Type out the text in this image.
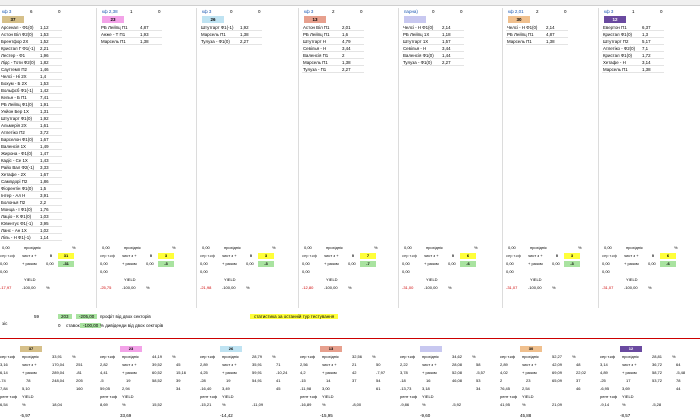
кф 3	6	0
37
Арсенал - Ф1(0)	1,12
Астон Віл Ф2(0)	1,53
Брентфор 2Х	1,52
Кристал Г Ф1(-1)	2,21
Лестер - Ф1	1,96
Лідс - Тоти Ф2(0)	1,82
Саутгемп П2	1,46
Челсі - Ні 2Х	1,4
Бохум - Б 2Х	1,53
Вольфсб Ф1(-1)	1,42
Кельн - Б П1	7,41
РБ Лейпц Ф1(0)	1,91
Унйон Бер 1Х	1,31
Штутгарт Ф1(0)	1,92
Альмерія 2Х	1,61
Атлетіко П2	3,72
Барселон Ф1(0)	1,67
Валенсія 1Х	1,49
Жирона - Ф1(0)	1,47
Кадіс - Се 1Х	1,43
Райо Вал Ф2(-1)	3,33
Хетафе - 2Х	1,67
Сампдорі П2	1,86
Фіорентін Ф1(0)	1,5
Інтер - Ал Н	3,91
Болонья П2	2,2
Монца - І Ф1(0)	1,76
Лаціо - К Ф1(0)	1,03
Ювентус Ф1(-1)	3,95
Ланс - Ан 1Х	1,02
Ліль - Н Ф1(-1)	1,14
0,00	прохідніс	%
сер т.кф чист з +	0	31
0,00	+ разом 0,00	-31
0,00
YIELD
-17,97	-100,00	%
кф 2,38	1	0
23
РБ Лейпц П1	4,87
Анже - Т П1	1,93
Марсель П1	1,38
0,00	прохідніс	%
сер т.кф чист з +	0	3
0,00	+ разом 0,00	-3
0,00
YIELD
-25,75	-100,00	%
кф 3	0	0
26
Штутгарт Ф1(-1)	1,92
Марсель П1	1,38
Тулуза - Ф1(0)	2,27
0,00	прохідніс	%
сер т.кф чист з +	0	3
0,00	+ разом 0,00	-3
0,00
YIELD
-21,98	-100,00	%
кф 3	2	0
13
Астон Віл П1	2,01
РБ Лейпц П1	1,6
Штутгарт Н	4,79
Севілья - Н	3,44
Валенсія П1	2
Марсель П1	1,38
Тулуза - П1	2,27
0,00	прохідніс	%
сер т.кф чист з +	0	7
0,00	+ разом 0,00	-7
0,00
YIELD
-12,80	-100,00	%
парна)	0	0
Челсі - Н Ф1(0)	2,14
РБ Лейпц 1Х	1,18
Штутгарт 1Х	1,57
Севілья - Н	3,44
Валенсія Ф1(0)	1,44
Тулуза - Ф1(0)	2,27
0,00	прохідніс	%
сер т.кф чист з +	0	6
0,00	+ разом 0,00	-6
0,00
YIELD
-31,00	-100,00	%
кф 2,01	2	0
30
Челсі - Н Ф1(0)	2,14
РБ Лейпц П1	4,87
Марсель П1	1,38
0,00	прохідніс	%
сер т.кф чист з +	0	3
0,00	+ разом 0,00	-3
0,00
YIELD
-31,07	-100,00	%
кф 3	1	0
12
Евертон П1	6,37
Кристал Ф1(0)	1,3
Штутгарт П2	5,17
Атлетіко - Ф2(0)	7,1
Кристал Ф1(0)	1,72
Хетафе - Н	3,14
Марсель П1	1,38
0,00	прохідніс	%
сер т.кф чист з +	0	6
0,00	+ разом 0,00	-6
0,00
YIELD
-31,07	-100,00	%
зіс
59	203	-205,00	профіт від двох секторів
0 ставок -100,00 % дивіденди від двох секторів
статистика за останній тур тестування
37
сер т.кф прохідніс	33,91 %
3,16	чист з +	170,04	251
6,14	+ разом	289,04	-81
-74	78	248,04	205
7,84	5,10	160
рент т.кф YIELD
6,54	%	18,04
23
сер т.кф прохідніс	44,19 %
2,82	чист з +	39,52	45
4,41	+ разом	60,52	15,16
-5	19	58,52	39
59,05	2,94	34
рент т.кф YIELD
8,69	%	15,52
26
сер т.кф прохідніс	28,79 %
2,89	чист з +	35,91	71
4,25	+ разом	59,91	-10,24
-28	19	54,91	41
-16,40	3,49	45
рент т.кф YIELD
-15,21	%	-11,09
13
сер т.кф прохідніс	32,56 %
2,56	чист з +	21	50
4,2	+ разом	42	-7,97
-15	14	37	54
-11,98	3,00	61
рент т.кф YIELD
-16,89	%	-8,00
сер т.кф прохідніс	34,62 %
2,22	чист з +	28,08	58
3,78	+ разом	52,08	-5,57
-18	16	46,08	53
-13,73	3,18	34
рент т.кф YIELD
-9,86	%	-5,92
30
сер т.кф прохідніс	52,27 %
2,89	чист з +	42,09	48
4,02	+ разом	69,09	22,02
2	23	65,09	37
76,45	2,54	46
рент т.кф YIELD
41,95	%	21,09
12
сер т.кф прохідніс	28,81 %
3,14	чист з +	36,72	64
4,89	+ разом	58,72	-5,48
-25	17	53,72	78
-6,95	3,69	44
рент т.кф YIELD
-9,14	%	-5,28
-5,97	33,69	-14,42	-15,95	-9,60	45,88	-8,57
